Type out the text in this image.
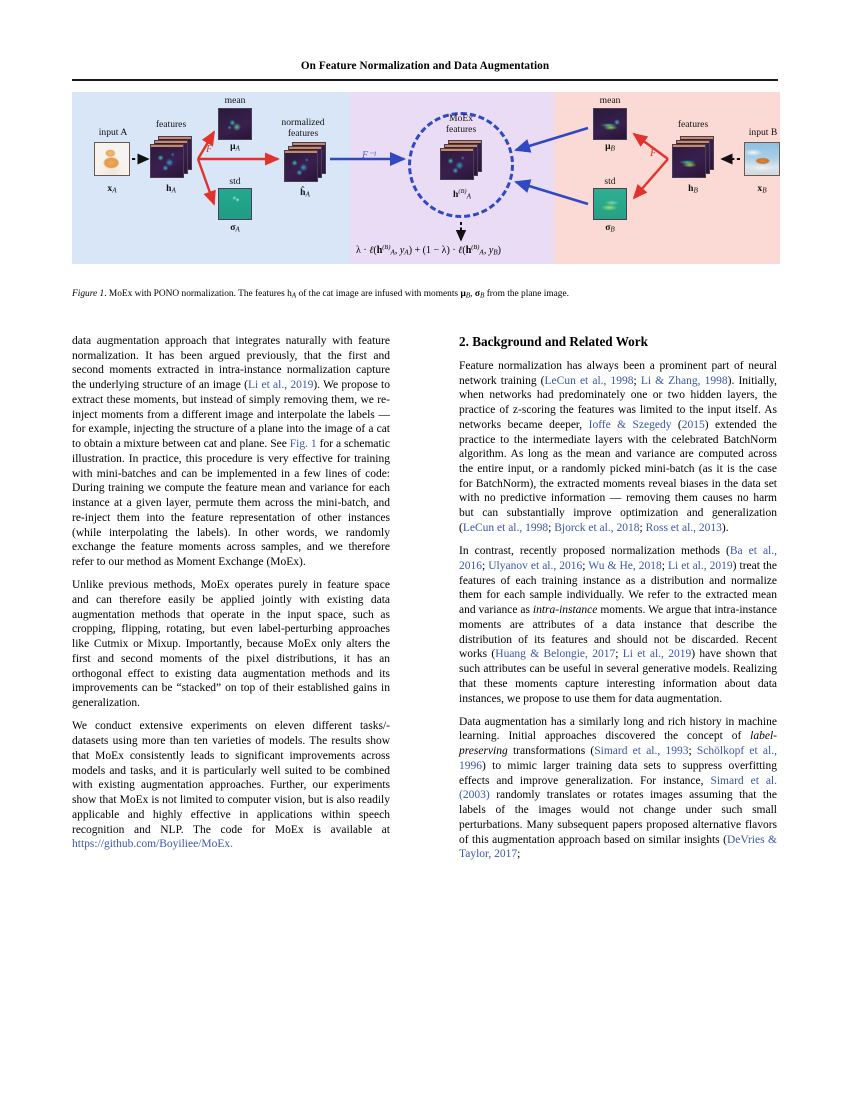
On Feature Normalization and Data Augmentation
input A
xA
features
hA
F
mean
μA
std
σA
normalized
features
ĥA
F⁻¹
MoEx
features
$h^{(B)}A$
$\lambda \cdot \ell(h^{(B)}A$, $yA) + (1 - \lambda) \cdot \ell(h^{(B)}A$, yB)
mean
μB
std
σB
F
features
hB
input B
xB
Figure 1. MoEx with PONO normalization. The features hA of the cat image are infused with moments μB, σB from the plane image.

data augmentation approach that integrates naturally with feature normalization. It has been argued previously, that the first and second moments extracted in intra-instance normalization capture the underlying structure of an image (Li et al., 2019). We propose to extract these moments, but instead of simply removing them, we re-inject moments from a different image and interpolate the labels — for example, injecting the structure of a plane into the image of a cat to obtain a mixture between cat and plane. See Fig. 1 for a schematic illustration. In practice, this procedure is very effective for training with mini-batches and can be implemented in a few lines of code: During training we compute the feature mean and variance for each instance at a given layer, permute them across the mini-batch, and re-inject them into the feature representation of other instances (while interpolating the labels). In other words, we randomly exchange the feature moments across samples, and we therefore refer to our method as Moment Exchange (MoEx).

Unlike previous methods, MoEx operates purely in feature space and can therefore easily be applied jointly with existing data augmentation methods that operate in the input space, such as cropping, flipping, rotating, but even label-perturbing approaches like Cutmix or Mixup. Importantly, because MoEx only alters the first and second moments of the pixel distributions, it has an orthogonal effect to existing data augmentation methods and its improvements can be “stacked” on top of their established gains in generalization.

We conduct extensive experiments on eleven different tasks/-datasets using more than ten varieties of models. The results show that MoEx consistently leads to significant improvements across models and tasks, and it is particularly well suited to be combined with existing augmentation approaches. Further, our experiments show that MoEx is not limited to computer vision, but is also readily applicable and highly effective in applications within speech recognition and NLP. The code for MoEx is available at https://github.com/Boyiliee/MoEx.

2. Background and Related Work

Feature normalization has always been a prominent part of neural network training (LeCun et al., 1998; Li & Zhang, 1998). Initially, when networks had predominately one or two hidden layers, the practice of z-scoring the features was limited to the input itself. As networks became deeper, Ioffe & Szegedy (2015) extended the practice to the intermediate layers with the celebrated BatchNorm algorithm. As long as the mean and variance are computed across the entire input, or a randomly picked mini-batch (as it is the case for BatchNorm), the extracted moments reveal biases in the data set with no predictive information — removing them causes no harm but can substantially improve optimization and generalization (LeCun et al., 1998; Bjorck et al., 2018; Ross et al., 2013).

In contrast, recently proposed normalization methods (Ba et al., 2016; Ulyanov et al., 2016; Wu & He, 2018; Li et al., 2019) treat the features of each training instance as a distribution and normalize them for each sample individually. We refer to the extracted mean and variance as intra-instance moments. We argue that intra-instance moments are attributes of a data instance that describe the distribution of its features and should not be discarded. Recent works (Huang & Belongie, 2017; Li et al., 2019) have shown that such attributes can be useful in several generative models. Realizing that these moments capture interesting information about data instances, we propose to use them for data augmentation.

Data augmentation has a similarly long and rich history in machine learning. Initial approaches discovered the concept of label-preserving transformations (Simard et al., 1993; Schölkopf et al., 1996) to mimic larger training data sets to suppress overfitting effects and improve generalization. For instance, Simard et al. (2003) randomly translates or rotates images assuming that the labels of the images would not change under such small perturbations. Many subsequent papers proposed alternative flavors of this augmentation approach based on similar insights (DeVries & Taylor, 2017;
